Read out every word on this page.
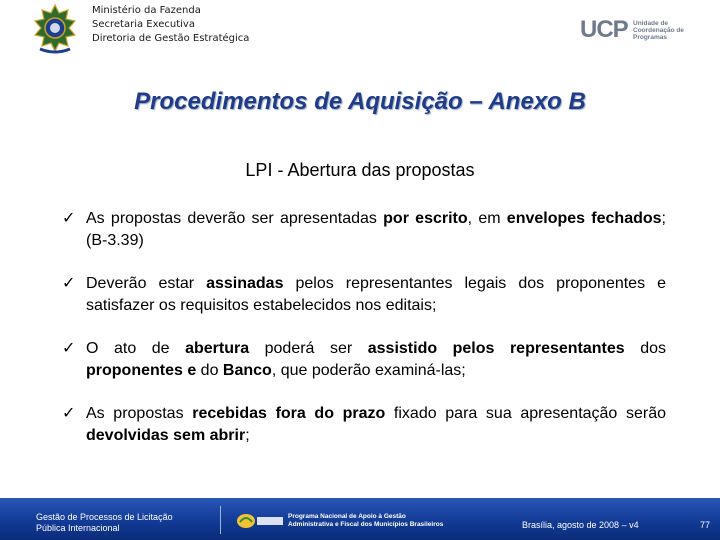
Ministério da Fazenda
Secretaria Executiva
Diretoria de Gestão Estratégica	UCP Unidade de
Coordenação de
Programas
Procedimentos de Aquisição – Anexo B
LPI - Abertura das propostas
✓ As propostas deverão ser apresentadas por escrito, em envelopes fechados; (B-3.39)
✓ Deverão estar assinadas pelos representantes legais dos proponentes e satisfazer os requisitos estabelecidos nos editais;
✓ O ato de abertura poderá ser assistido pelos representantes dos proponentes e do Banco, que poderão examiná-las;
✓ As propostas recebidas fora do prazo fixado para sua apresentação serão devolvidas sem abrir;
Gestão de Processos de Licitação
Pública Internacional
Programa Nacional de Apoio à Gestão
Administrativa e Fiscal dos Municípios Brasileiros	Brasília, agosto de 2008 – v4	77
